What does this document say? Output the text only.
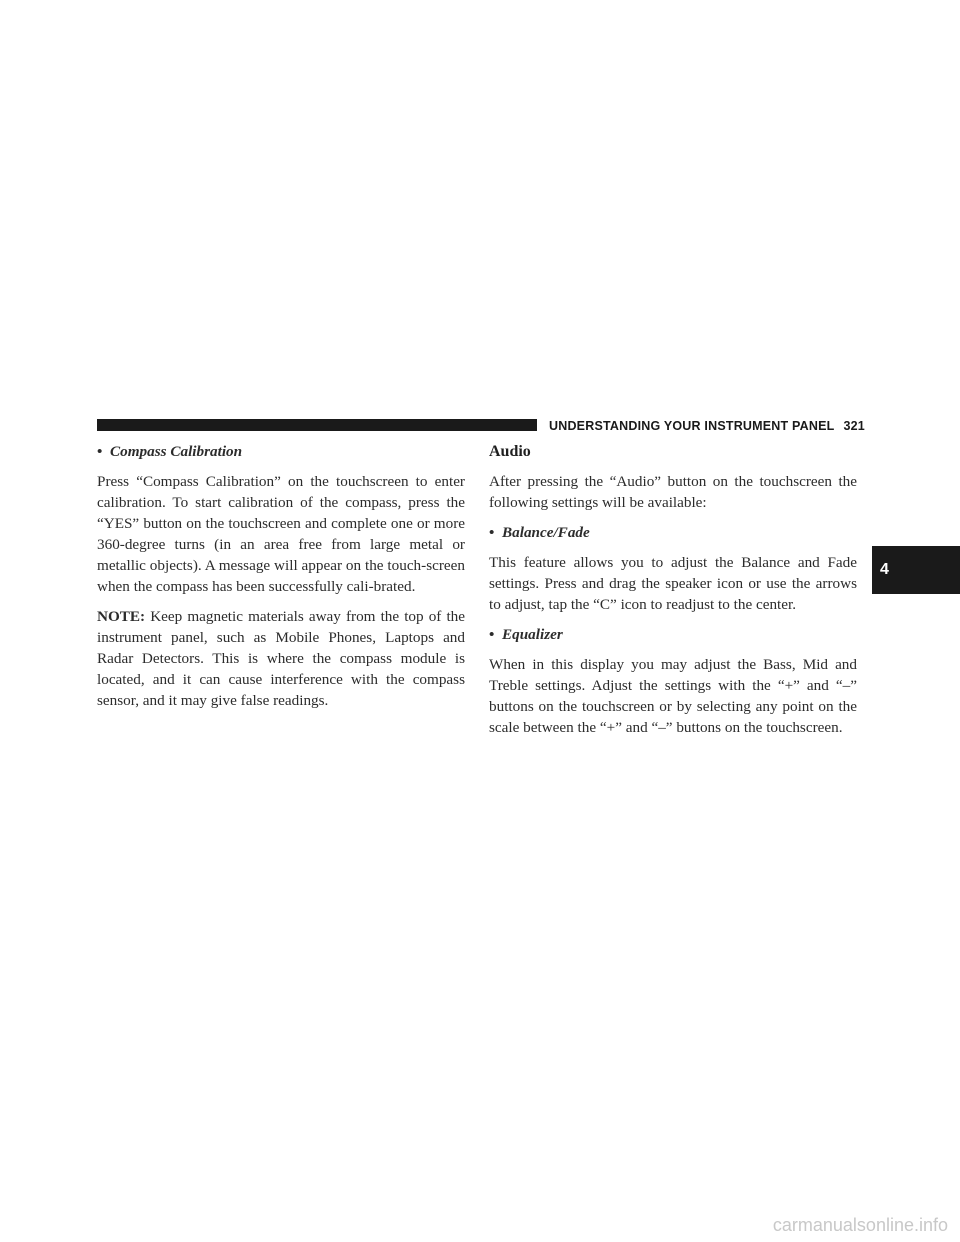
UNDERSTANDING YOUR INSTRUMENT PANEL 321
4
• Compass Calibration

Press “Compass Calibration” on the touchscreen to enter calibration. To start calibration of the compass, press the “YES” button on the touchscreen and complete one or more 360-degree turns (in an area free from large metal or metallic objects). A message will appear on the touch-screen when the compass has been successfully cali-brated.

NOTE: Keep magnetic materials away from the top of the instrument panel, such as Mobile Phones, Laptops and Radar Detectors. This is where the compass module is located, and it can cause interference with the compass sensor, and it may give false readings.

Audio

After pressing the “Audio” button on the touchscreen the following settings will be available:

• Balance/Fade

This feature allows you to adjust the Balance and Fade settings. Press and drag the speaker icon or use the arrows to adjust, tap the “C” icon to readjust to the center.

• Equalizer

When in this display you may adjust the Bass, Mid and Treble settings. Adjust the settings with the “+” and “–” buttons on the touchscreen or by selecting any point on the scale between the “+” and “–” buttons on the touchscreen.

carmanualsonline.info
